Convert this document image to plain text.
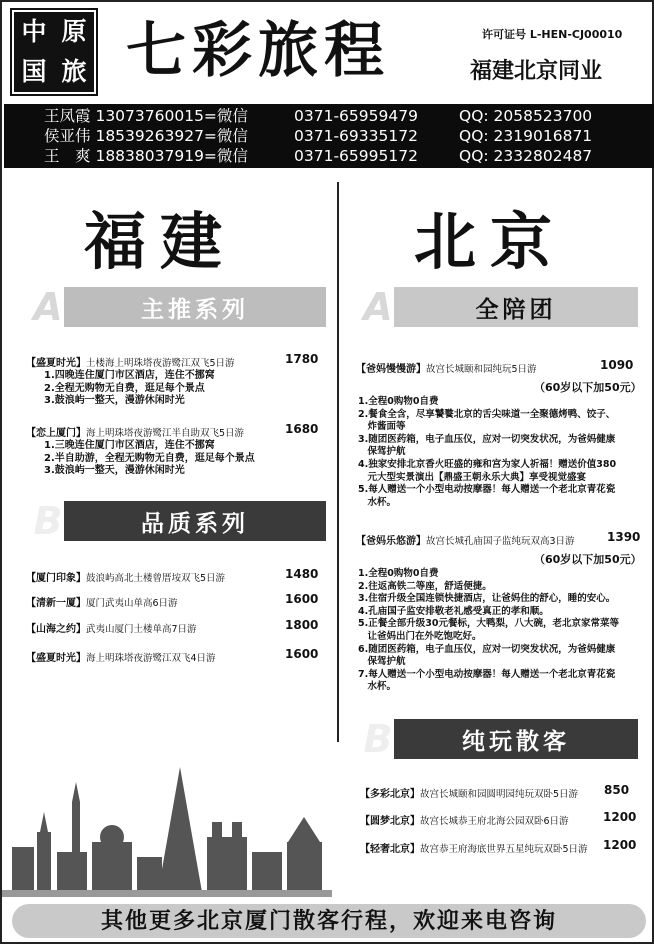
中 原
国 旅 七彩旅程	许可证号 L-HEN-CJ00010
福建北京同业
王凤霞 13073760015=微信	0371-65959479	QQ: 2058523700
侯亚伟 18539263927=微信	0371-69335172	QQ: 2319016871
王　爽 18838037919=微信	0371-65995172	QQ: 2332802487
福建	北京
A	主推系列
【盛夏时光】 土楼海上明珠塔夜游鹭江双飞5日游	1780
1.四晚连住厦门市区酒店，连住不挪窝
2.全程无购物无自费，逛足每个景点
3.鼓浪屿一整天，漫游休闲时光
【恋上厦门】 海上明珠塔夜游鹭江半自助双飞5日游	1680
1.三晚连住厦门市区酒店，连住不挪窝
2.半自助游，全程无购物无自费，逛足每个景点
3.鼓浪屿一整天，漫游休闲时光
B	品质系列
【厦门印象】 鼓浪屿高北土楼曾厝垵双飞5日游	1480
【清新一厦】 厦门武夷山单高6日游	1600
【山海之约】 武夷山厦门土楼单高7日游	1800
【盛夏时光】 海上明珠塔夜游鹭江双飞4日游	1600
A	全陪团
【爸妈慢慢游】 故宫长城颐和园纯玩5日游	1090
（60岁以下加50元）
1.全程0购物0自费
2.餐食全含，尽享饕餮北京的舌尖味道一全聚德烤鸭、饺子、
　炸酱面等
3.随团医药箱，电子血压仪，应对一切突发状况，为爸妈健康
　保驾护航
4.独家安排北京香火旺盛的雍和宫为家人祈福！赠送价值380
　元大型实景演出【鼎盛王朝永乐大典】享受视觉盛宴
5.每人赠送一个小型电动按摩器！每人赠送一个老北京青花瓷
　水杯。
【爸妈乐悠游】 故宫长城孔庙国子监纯玩双高3日游	1390
（60岁以下加50元）
1.全程0购物0自费
2.往返高铁二等座，舒适便捷。
3.住宿升级全国连锁快捷酒店，让爸妈住的舒心，睡的安心。
4.孔庙国子监安排敬老礼感受真正的孝和顺。
5.正餐全部升级30元餐标，大鸭梨，八大碗，老北京家常菜等
　让爸妈出门在外吃饱吃好。
6.随团医药箱，电子血压仪，应对一切突发状况，为爸妈健康
　保驾护航
7.每人赠送一个小型电动按摩器！每人赠送一个老北京青花瓷
　水杯。
B	纯玩散客
【多彩北京】 故宫长城颐和园圆明园纯玩双卧5日游 850
【圆梦北京】 故宫长城恭王府北海公园双卧6日游	1200
【轻奢北京】 故宫恭王府海底世界五星纯玩双卧5日游 1200
其他更多北京厦门散客行程，欢迎来电咨询
